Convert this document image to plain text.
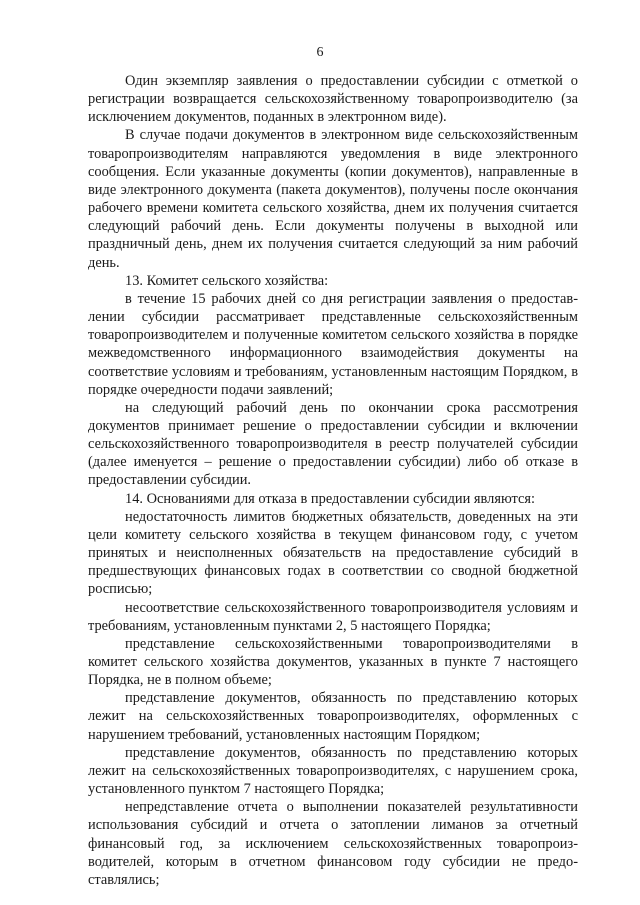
6

Один экземпляр заявления о предоставлении субсидии с отметкой о регистрации возвращается сельскохозяйственному товаропроизводителю (за исключением документов, поданных в электронном виде).

В случае подачи документов в электронном виде сельскохозяйственным товаропроизводителям направляются уведомления в виде электронного сообщения. Если указанные документы (копии документов), направленные в виде электронного документа (пакета документов), получены после окончания рабочего времени комитета сельского хозяйства, днем их получения считается следующий рабочий день. Если документы получены в выходной или праздничный день, днем их получения считается следующий за ним рабочий день.

13. Комитет сельского хозяйства:

в течение 15 рабочих дней со дня регистрации заявления о предоставлении субсидии рассматривает представленные сельскохозяйственным товаропроизводителем и полученные комитетом сельского хозяйства в порядке межведомственного информационного взаимодействия документы на соответствие условиям и требованиям, установленным настоящим Порядком, в порядке очередности подачи заявлений;

на следующий рабочий день по окончании срока рассмотрения документов принимает решение о предоставлении субсидии и включении сельскохозяйственного товаропроизводителя в реестр получателей субсидии (далее именуется – решение о предоставлении субсидии) либо об отказе в предоставлении субсидии.

14. Основаниями для отказа в предоставлении субсидии являются:

недостаточность лимитов бюджетных обязательств, доведенных на эти цели комитету сельского хозяйства в текущем финансовом году, с учетом принятых и неисполненных обязательств на предоставление субсидий в предшествующих финансовых годах в соответствии со сводной бюджетной росписью;

несоответствие сельскохозяйственного товаропроизводителя условиям и требованиям, установленным пунктами 2, 5 настоящего Порядка;

представление сельскохозяйственными товаропроизводителями в комитет сельского хозяйства документов, указанных в пункте 7 настоящего Порядка, не в полном объеме;

представление документов, обязанность по представлению которых лежит на сельскохозяйственных товаропроизводителях, оформленных с нарушением требований, установленных настоящим Порядком;

представление документов, обязанность по представлению которых лежит на сельскохозяйственных товаропроизводителях, с нарушением срока, установленного пунктом 7 настоящего Порядка;

непредставление отчета о выполнении показателей результативности использования субсидий и отчета о затоплении лиманов за отчетный финансовый год, за исключением сельскохозяйственных товаропроизводителей, которым в отчетном финансовом году субсидии не предоставлялись;
